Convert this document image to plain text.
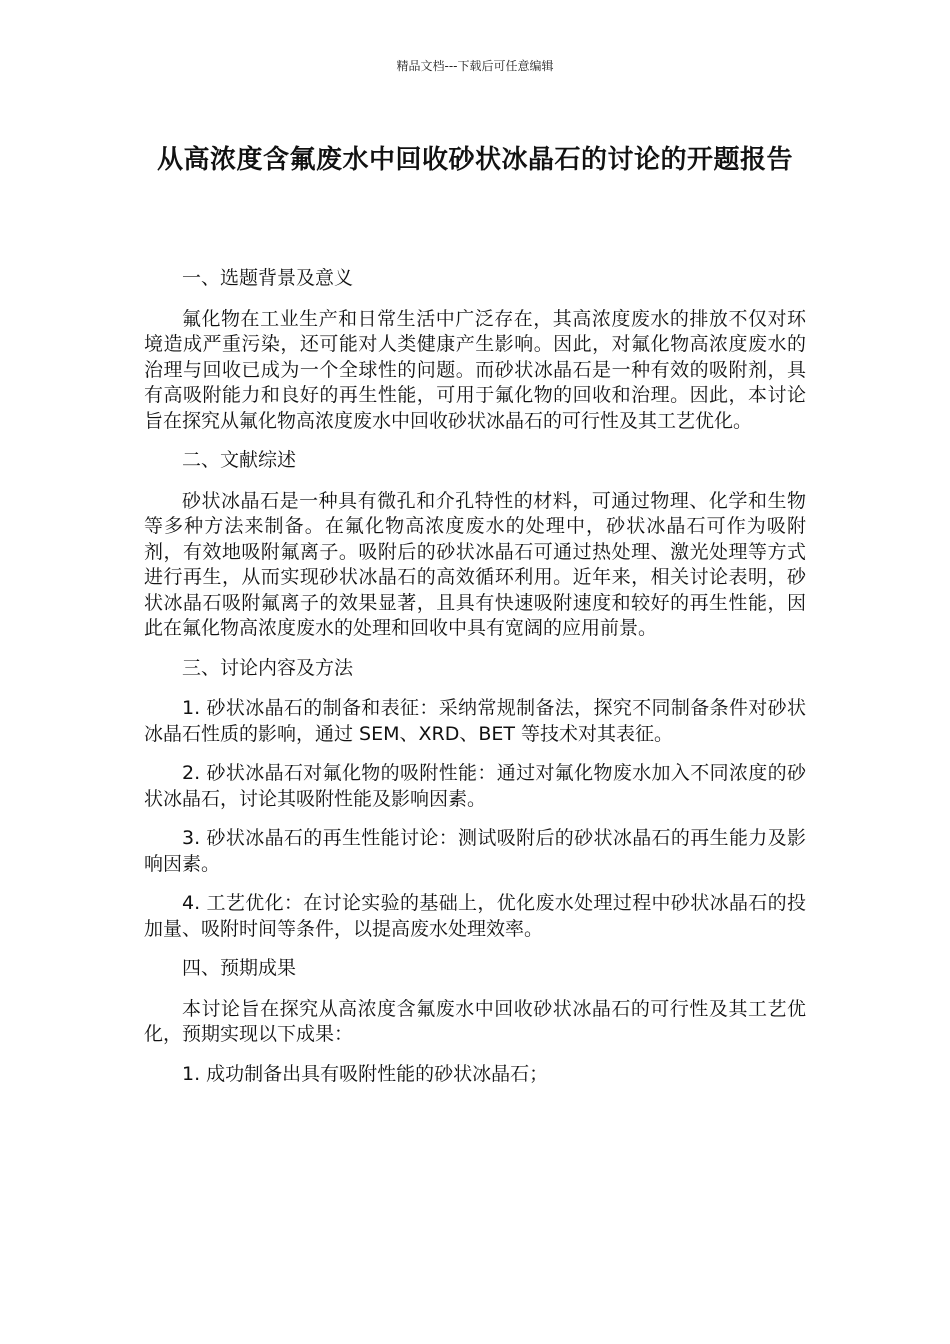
精品文档---下载后可任意编辑
从高浓度含氟废水中回收砂状冰晶石的讨论的开题报告

一、选题背景及意义

氟化物在工业生产和日常生活中广泛存在，其高浓度废水的排放不仅对环境造成严重污染，还可能对人类健康产生影响。因此，对氟化物高浓度废水的治理与回收已成为一个全球性的问题。而砂状冰晶石是一种有效的吸附剂，具有高吸附能力和良好的再生性能，可用于氟化物的回收和治理。因此，本讨论旨在探究从氟化物高浓度废水中回收砂状冰晶石的可行性及其工艺优化。

二、文献综述

砂状冰晶石是一种具有微孔和介孔特性的材料，可通过物理、化学和生物等多种方法来制备。在氟化物高浓度废水的处理中，砂状冰晶石可作为吸附剂，有效地吸附氟离子。吸附后的砂状冰晶石可通过热处理、激光处理等方式进行再生，从而实现砂状冰晶石的高效循环利用。近年来，相关讨论表明，砂状冰晶石吸附氟离子的效果显著，且具有快速吸附速度和较好的再生性能，因此在氟化物高浓度废水的处理和回收中具有宽阔的应用前景。

三、讨论内容及方法

1. 砂状冰晶石的制备和表征：采纳常规制备法，探究不同制备条件对砂状冰晶石性质的影响，通过 SEM、XRD、BET 等技术对其表征。

2. 砂状冰晶石对氟化物的吸附性能：通过对氟化物废水加入不同浓度的砂状冰晶石，讨论其吸附性能及影响因素。

3. 砂状冰晶石的再生性能讨论：测试吸附后的砂状冰晶石的再生能力及影响因素。

4. 工艺优化：在讨论实验的基础上，优化废水处理过程中砂状冰晶石的投加量、吸附时间等条件，以提高废水处理效率。

四、预期成果

本讨论旨在探究从高浓度含氟废水中回收砂状冰晶石的可行性及其工艺优化，预期实现以下成果：

1. 成功制备出具有吸附性能的砂状冰晶石；
